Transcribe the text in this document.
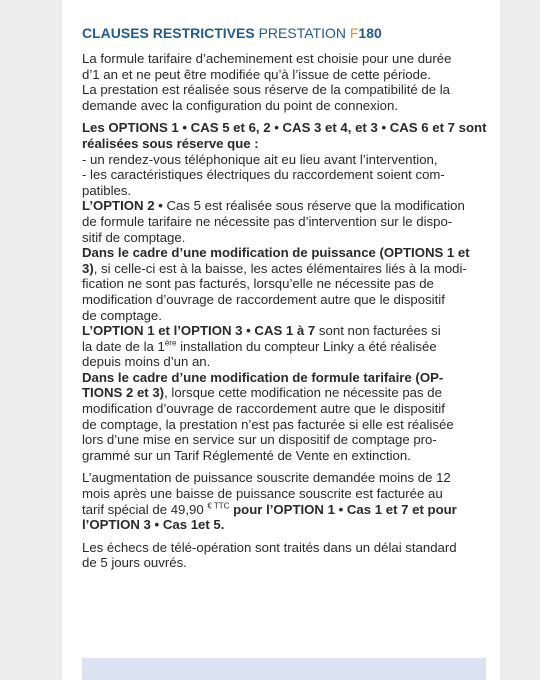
CLAUSES RESTRICTIVES PRESTATION F180
La formule tarifaire d’acheminement est choisie pour une durée
d’1 an et ne peut être modifiée qu’à l’issue de cette période.
La prestation est réalisée sous réserve de la compatibilité de la
demande avec la configuration du point de connexion.
Les OPTIONS 1 • CAS 5 et 6, 2 • CAS 3 et 4, et 3 • CAS 6 et 7 sont
réalisées sous réserve que :
- un rendez-vous téléphonique ait eu lieu avant l’intervention,
- les caractéristiques électriques du raccordement soient com-
patibles.
L’OPTION 2 • Cas 5 est réalisée sous réserve que la modification
de formule tarifaire ne nécessite pas d’intervention sur le dispo-
sitif de comptage.
Dans le cadre d’une modification de puissance (OPTIONS 1 et
3), si celle-ci est à la baisse, les actes élémentaires liés à la modi-
fication ne sont pas facturés, lorsqu’elle ne nécessite pas de
modification d’ouvrage de raccordement autre que le dispositif
de comptage.
L’OPTION 1 et l’OPTION 3 • CAS 1 à 7 sont non facturées si
la date de la 1ère installation du compteur Linky a été réalisée
depuis moins d’un an.
Dans le cadre d’une modification de formule tarifaire (OP-
TIONS 2 et 3), lorsque cette modification ne nécessite pas de
modification d’ouvrage de raccordement autre que le dispositif
de comptage, la prestation n’est pas facturée si elle est réalisée
lors d’une mise en service sur un dispositif de comptage pro-
grammé sur un Tarif Réglementé de Vente en extinction.
L’augmentation de puissance souscrite demandée moins de 12
mois après une baisse de puissance souscrite est facturée au
tarif spécial de 49,90 $^{€ TTC}$ pour l’OPTION 1 • Cas 1 et 7 et pour
l’OPTION 3 • Cas 1et 5.
Les échecs de télé-opération sont traités dans un délai standard
de 5 jours ouvrés.
